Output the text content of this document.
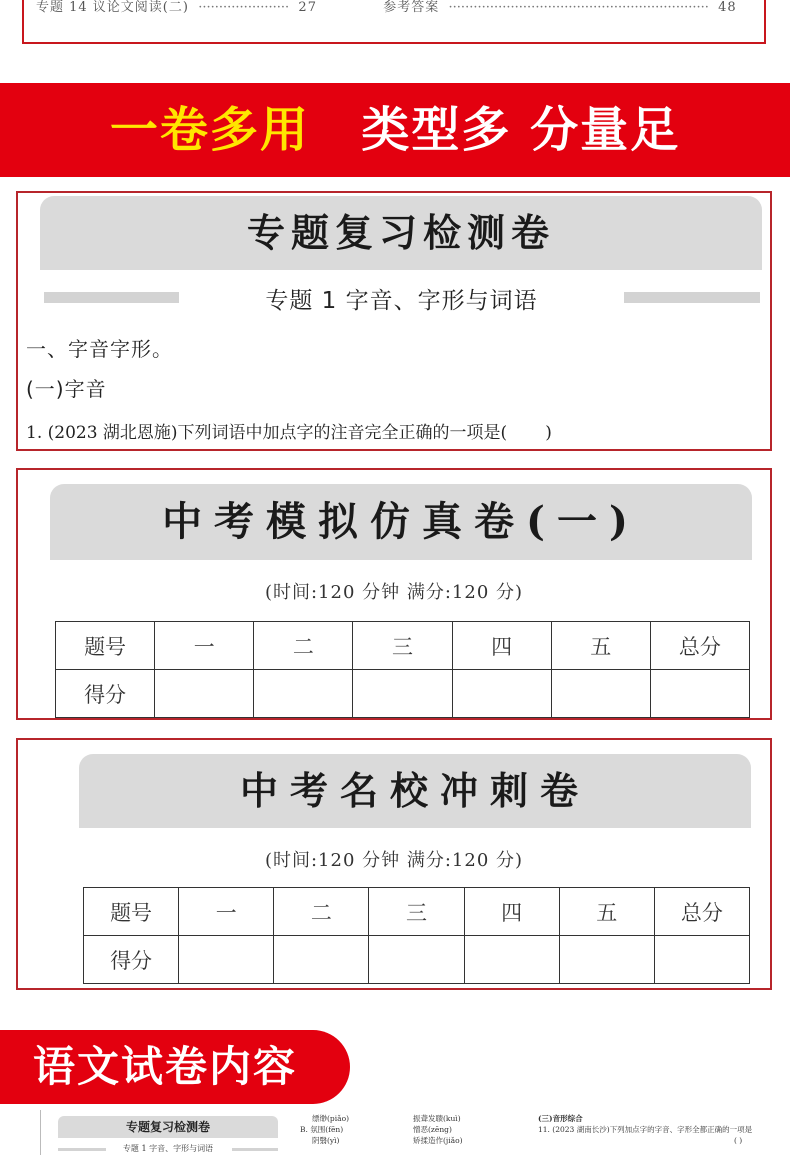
专题 14 议论文阅读(二)  ······················  27	参考答案  ·······························································  48
一卷多用 类型多 分量足
专题复习检测卷
专题 1 字音、字形与词语
一、字音字形。
(一)字音
1. (2023 湖北恩施)下列词语中加点字的注音完全正确的一项是( )
中考模拟仿真卷(一)
(时间:120 分钟 满分:120 分)
题号	一	二	三	四	五	总分
得分						
中考名校冲刺卷
(时间:120 分钟 满分:120 分)
题号	一	二	三	四	五	总分
得分						
语文试卷内容
专题复习检测卷
专题 1 字音、字形与词语
缥缈(piǎo)
B. 氛围(fēn)
阴翳(yì)
振聋发聩(kuì)
憎恶(zēng)
矫揉造作(jiǎo)
(三)音形综合
11. (2023 湖南长沙)下列加点字的字音、字形全都正确的一项是
( )
